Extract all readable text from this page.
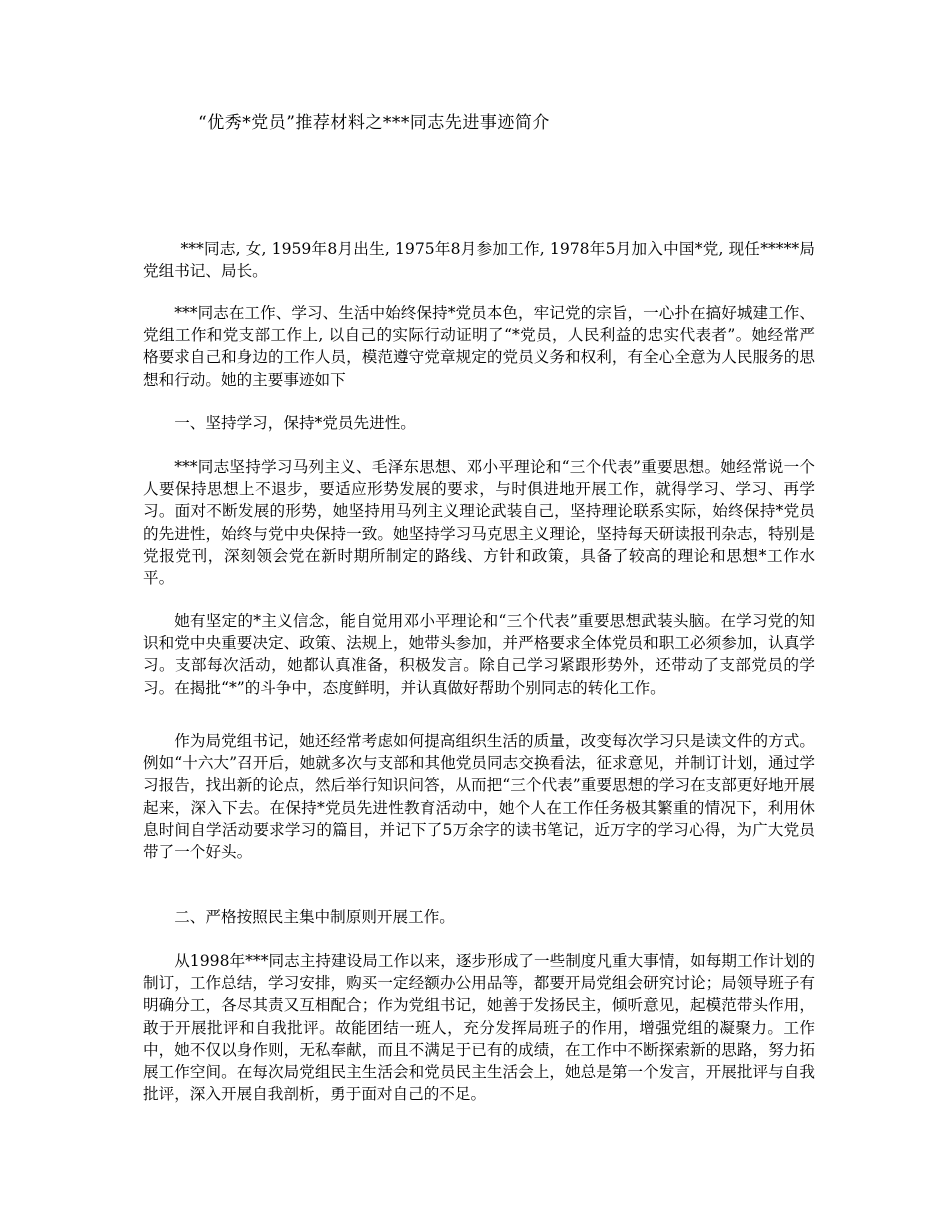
“优秀*党员”推荐材料之***同志先进事迹简介

***同志, 女, 1959年8月出生, 1975年8月参加工作, 1978年5月加入中国*党, 现任*****局党组书记、局长。

***同志在工作、学习、生活中始终保持*党员本色，牢记党的宗旨，一心扑在搞好城建工作、党组工作和党支部工作上, 以自己的实际行动证明了“*党员，人民利益的忠实代表者”。她经常严格要求自己和身边的工作人员，模范遵守党章规定的党员义务和权利，有全心全意为人民服务的思想和行动。她的主要事迹如下

一、坚持学习，保持*党员先进性。

***同志坚持学习马列主义、毛泽东思想、邓小平理论和“三个代表”重要思想。她经常说一个人要保持思想上不退步，要适应形势发展的要求，与时俱进地开展工作，就得学习、学习、再学习。面对不断发展的形势，她坚持用马列主义理论武装自己，坚持理论联系实际，始终保持*党员的先进性，始终与党中央保持一致。她坚持学习马克思主义理论，坚持每天研读报刊杂志，特别是党报党刊，深刻领会党在新时期所制定的路线、方针和政策，具备了较高的理论和思想*工作水平。

她有坚定的*主义信念，能自觉用邓小平理论和“三个代表”重要思想武装头脑。在学习党的知识和党中央重要决定、政策、法规上，她带头参加，并严格要求全体党员和职工必须参加，认真学习。支部每次活动，她都认真准备，积极发言。除自己学习紧跟形势外，还带动了支部党员的学习。在揭批“*”的斗争中，态度鲜明，并认真做好帮助个别同志的转化工作。

作为局党组书记，她还经常考虑如何提高组织生活的质量，改变每次学习只是读文件的方式。例如“十六大”召开后，她就多次与支部和其他党员同志交换看法，征求意见，并制订计划，通过学习报告，找出新的论点，然后举行知识问答，从而把“三个代表”重要思想的学习在支部更好地开展起来，深入下去。在保持*党员先进性教育活动中，她个人在工作任务极其繁重的情况下，利用休息时间自学活动要求学习的篇目，并记下了5万余字的读书笔记，近万字的学习心得，为广大党员带了一个好头。

二、严格按照民主集中制原则开展工作。

从1998年***同志主持建设局工作以来，逐步形成了一些制度凡重大事情，如每期工作计划的制订，工作总结，学习安排，购买一定经额办公用品等，都要开局党组会研究讨论；局领导班子有明确分工，各尽其责又互相配合；作为党组书记，她善于发扬民主，倾听意见，起模范带头作用，敢于开展批评和自我批评。故能团结一班人，充分发挥局班子的作用，增强党组的凝聚力。工作中，她不仅以身作则，无私奉献，而且不满足于已有的成绩，在工作中不断探索新的思路，努力拓展工作空间。在每次局党组民主生活会和党员民主生活会上，她总是第一个发言，开展批评与自我批评，深入开展自我剖析，勇于面对自己的不足。
